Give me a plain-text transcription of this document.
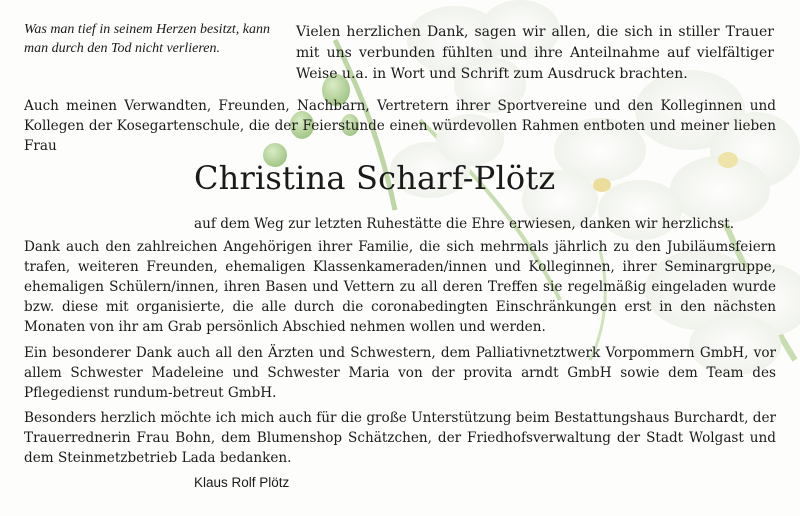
Was man tief in seinem Herzen besitzt, kann man durch den Tod nicht verlieren.

Vielen herzlichen Dank, sagen wir allen, die sich in stiller Trauer mit uns verbunden fühlten und ihre Anteilnahme auf vielfältiger Weise u.a. in Wort und Schrift zum Ausdruck brachten.

Auch meinen Verwandten, Freunden, Nachbarn, Vertretern ihrer Sportvereine und den Kolleginnen und Kollegen der Kosegartenschule, die der Feierstunde einen würdevollen Rahmen entboten und meiner lieben Frau

Christina Scharf-Plötz

auf dem Weg zur letzten Ruhestätte die Ehre erwiesen, danken wir herzlichst.

Dank auch den zahlreichen Angehörigen ihrer Familie, die sich mehrmals jährlich zu den Jubiläumsfeiern trafen, weiteren Freunden, ehemaligen Klassenkameraden/innen und Kolleginnen, ihrer Seminargruppe, ehemaligen Schülern/innen, ihren Basen und Vettern zu all deren Treffen sie regelmäßig eingeladen wurde bzw. diese mit organisierte, die alle durch die coronabedingten Einschränkungen erst in den nächsten Monaten von ihr am Grab persönlich Abschied nehmen wollen und werden.

Ein besonderer Dank auch all den Ärzten und Schwestern, dem Palliativnetztwerk Vorpommern GmbH, vor allem Schwester Madeleine und Schwester Maria von der provita arndt GmbH sowie dem Team des Pflegedienst rundum-betreut GmbH.

Besonders herzlich möchte ich mich auch für die große Unterstützung beim Bestattungshaus Burchardt, der Trauerrednerin Frau Bohn, dem Blumenshop Schätzchen, der Friedhofsverwaltung der Stadt Wolgast und dem Steinmetzbetrieb Lada bedanken.

Klaus Rolf Plötz
